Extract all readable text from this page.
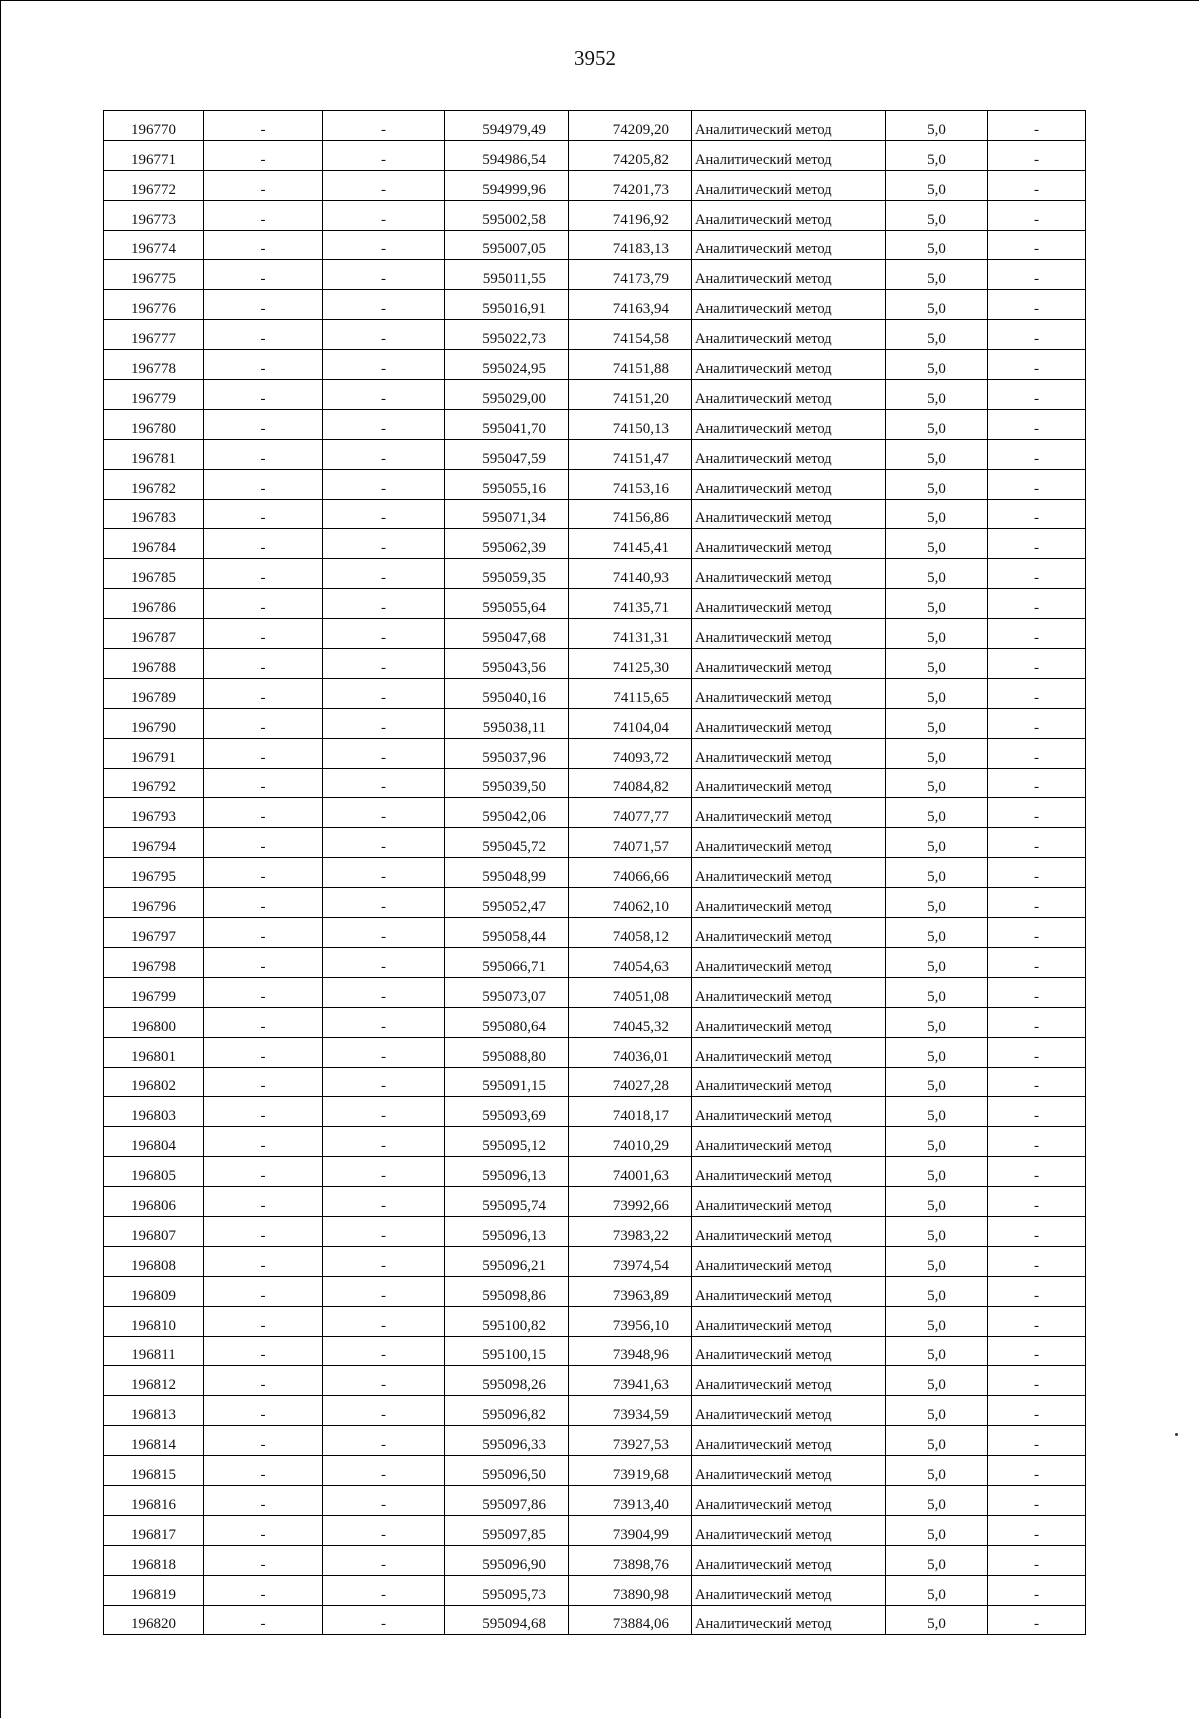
3952
196770	-	-	594979,49	74209,20	Аналитический метод	5,0	-
196771	-	-	594986,54	74205,82	Аналитический метод	5,0	-
196772	-	-	594999,96	74201,73	Аналитический метод	5,0	-
196773	-	-	595002,58	74196,92	Аналитический метод	5,0	-
196774	-	-	595007,05	74183,13	Аналитический метод	5,0	-
196775	-	-	595011,55	74173,79	Аналитический метод	5,0	-
196776	-	-	595016,91	74163,94	Аналитический метод	5,0	-
196777	-	-	595022,73	74154,58	Аналитический метод	5,0	-
196778	-	-	595024,95	74151,88	Аналитический метод	5,0	-
196779	-	-	595029,00	74151,20	Аналитический метод	5,0	-
196780	-	-	595041,70	74150,13	Аналитический метод	5,0	-
196781	-	-	595047,59	74151,47	Аналитический метод	5,0	-
196782	-	-	595055,16	74153,16	Аналитический метод	5,0	-
196783	-	-	595071,34	74156,86	Аналитический метод	5,0	-
196784	-	-	595062,39	74145,41	Аналитический метод	5,0	-
196785	-	-	595059,35	74140,93	Аналитический метод	5,0	-
196786	-	-	595055,64	74135,71	Аналитический метод	5,0	-
196787	-	-	595047,68	74131,31	Аналитический метод	5,0	-
196788	-	-	595043,56	74125,30	Аналитический метод	5,0	-
196789	-	-	595040,16	74115,65	Аналитический метод	5,0	-
196790	-	-	595038,11	74104,04	Аналитический метод	5,0	-
196791	-	-	595037,96	74093,72	Аналитический метод	5,0	-
196792	-	-	595039,50	74084,82	Аналитический метод	5,0	-
196793	-	-	595042,06	74077,77	Аналитический метод	5,0	-
196794	-	-	595045,72	74071,57	Аналитический метод	5,0	-
196795	-	-	595048,99	74066,66	Аналитический метод	5,0	-
196796	-	-	595052,47	74062,10	Аналитический метод	5,0	-
196797	-	-	595058,44	74058,12	Аналитический метод	5,0	-
196798	-	-	595066,71	74054,63	Аналитический метод	5,0	-
196799	-	-	595073,07	74051,08	Аналитический метод	5,0	-
196800	-	-	595080,64	74045,32	Аналитический метод	5,0	-
196801	-	-	595088,80	74036,01	Аналитический метод	5,0	-
196802	-	-	595091,15	74027,28	Аналитический метод	5,0	-
196803	-	-	595093,69	74018,17	Аналитический метод	5,0	-
196804	-	-	595095,12	74010,29	Аналитический метод	5,0	-
196805	-	-	595096,13	74001,63	Аналитический метод	5,0	-
196806	-	-	595095,74	73992,66	Аналитический метод	5,0	-
196807	-	-	595096,13	73983,22	Аналитический метод	5,0	-
196808	-	-	595096,21	73974,54	Аналитический метод	5,0	-
196809	-	-	595098,86	73963,89	Аналитический метод	5,0	-
196810	-	-	595100,82	73956,10	Аналитический метод	5,0	-
196811	-	-	595100,15	73948,96	Аналитический метод	5,0	-
196812	-	-	595098,26	73941,63	Аналитический метод	5,0	-
196813	-	-	595096,82	73934,59	Аналитический метод	5,0	-
196814	-	-	595096,33	73927,53	Аналитический метод	5,0	-
196815	-	-	595096,50	73919,68	Аналитический метод	5,0	-
196816	-	-	595097,86	73913,40	Аналитический метод	5,0	-
196817	-	-	595097,85	73904,99	Аналитический метод	5,0	-
196818	-	-	595096,90	73898,76	Аналитический метод	5,0	-
196819	-	-	595095,73	73890,98	Аналитический метод	5,0	-
196820	-	-	595094,68	73884,06	Аналитический метод	5,0	-
